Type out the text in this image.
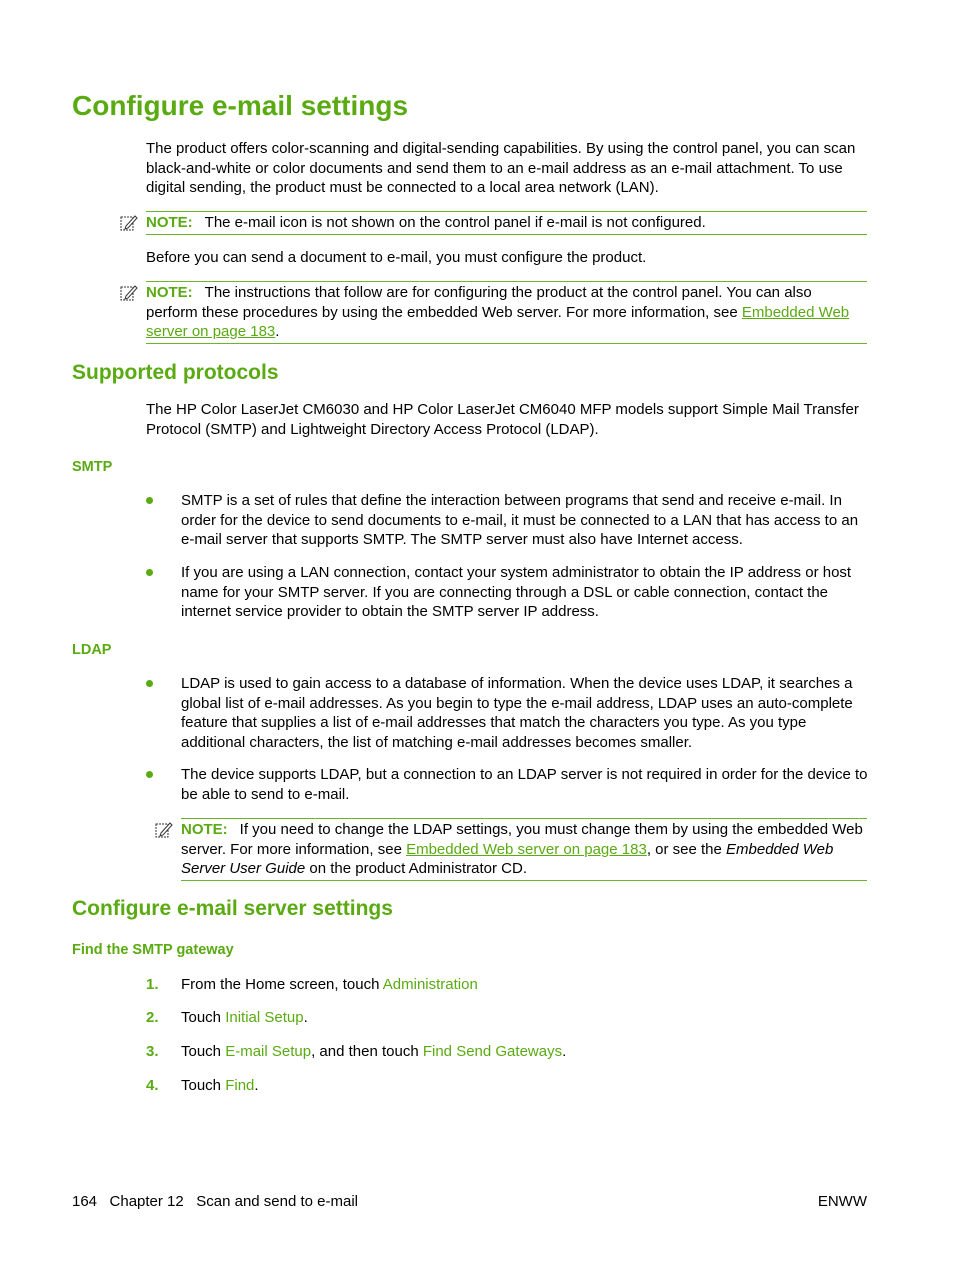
Configure e-mail settings

The product offers color-scanning and digital-sending capabilities. By using the control panel, you can scan black-and-white or color documents and send them to an e-mail address as an e-mail attachment. To use digital sending, the product must be connected to a local area network (LAN).

NOTE: The e-mail icon is not shown on the control panel if e-mail is not configured.

Before you can send a document to e-mail, you must configure the product.

NOTE: The instructions that follow are for configuring the product at the control panel. You can also perform these procedures by using the embedded Web server. For more information, see Embedded Web server on page 183.
Supported protocols

The HP Color LaserJet CM6030 and HP Color LaserJet CM6040 MFP models support Simple Mail Transfer Protocol (SMTP) and Lightweight Directory Access Protocol (LDAP).

SMTP
SMTP is a set of rules that define the interaction between programs that send and receive e-mail. In order for the device to send documents to e-mail, it must be connected to a LAN that has access to an e-mail server that supports SMTP. The SMTP server must also have Internet access.
If you are using a LAN connection, contact your system administrator to obtain the IP address or host name for your SMTP server. If you are connecting through a DSL or cable connection, contact the internet service provider to obtain the SMTP server IP address.
LDAP
LDAP is used to gain access to a database of information. When the device uses LDAP, it searches a global list of e-mail addresses. As you begin to type the e-mail address, LDAP uses an auto-complete feature that supplies a list of e-mail addresses that match the characters you type. As you type additional characters, the list of matching e-mail addresses becomes smaller.
The device supports LDAP, but a connection to an LDAP server is not required in order for the device to be able to send to e-mail.
NOTE: If you need to change the LDAP settings, you must change them by using the embedded Web server. For more information, see Embedded Web server on page 183, or see the Embedded Web Server User Guide on the product Administrator CD.
Configure e-mail server settings
Find the SMTP gateway
1. From the Home screen, touch Administration
2. Touch Initial Setup.
3. Touch E-mail Setup, and then touch Find Send Gateways.
4. Touch Find.
164   Chapter 12   Scan and send to e-mail	ENWW
